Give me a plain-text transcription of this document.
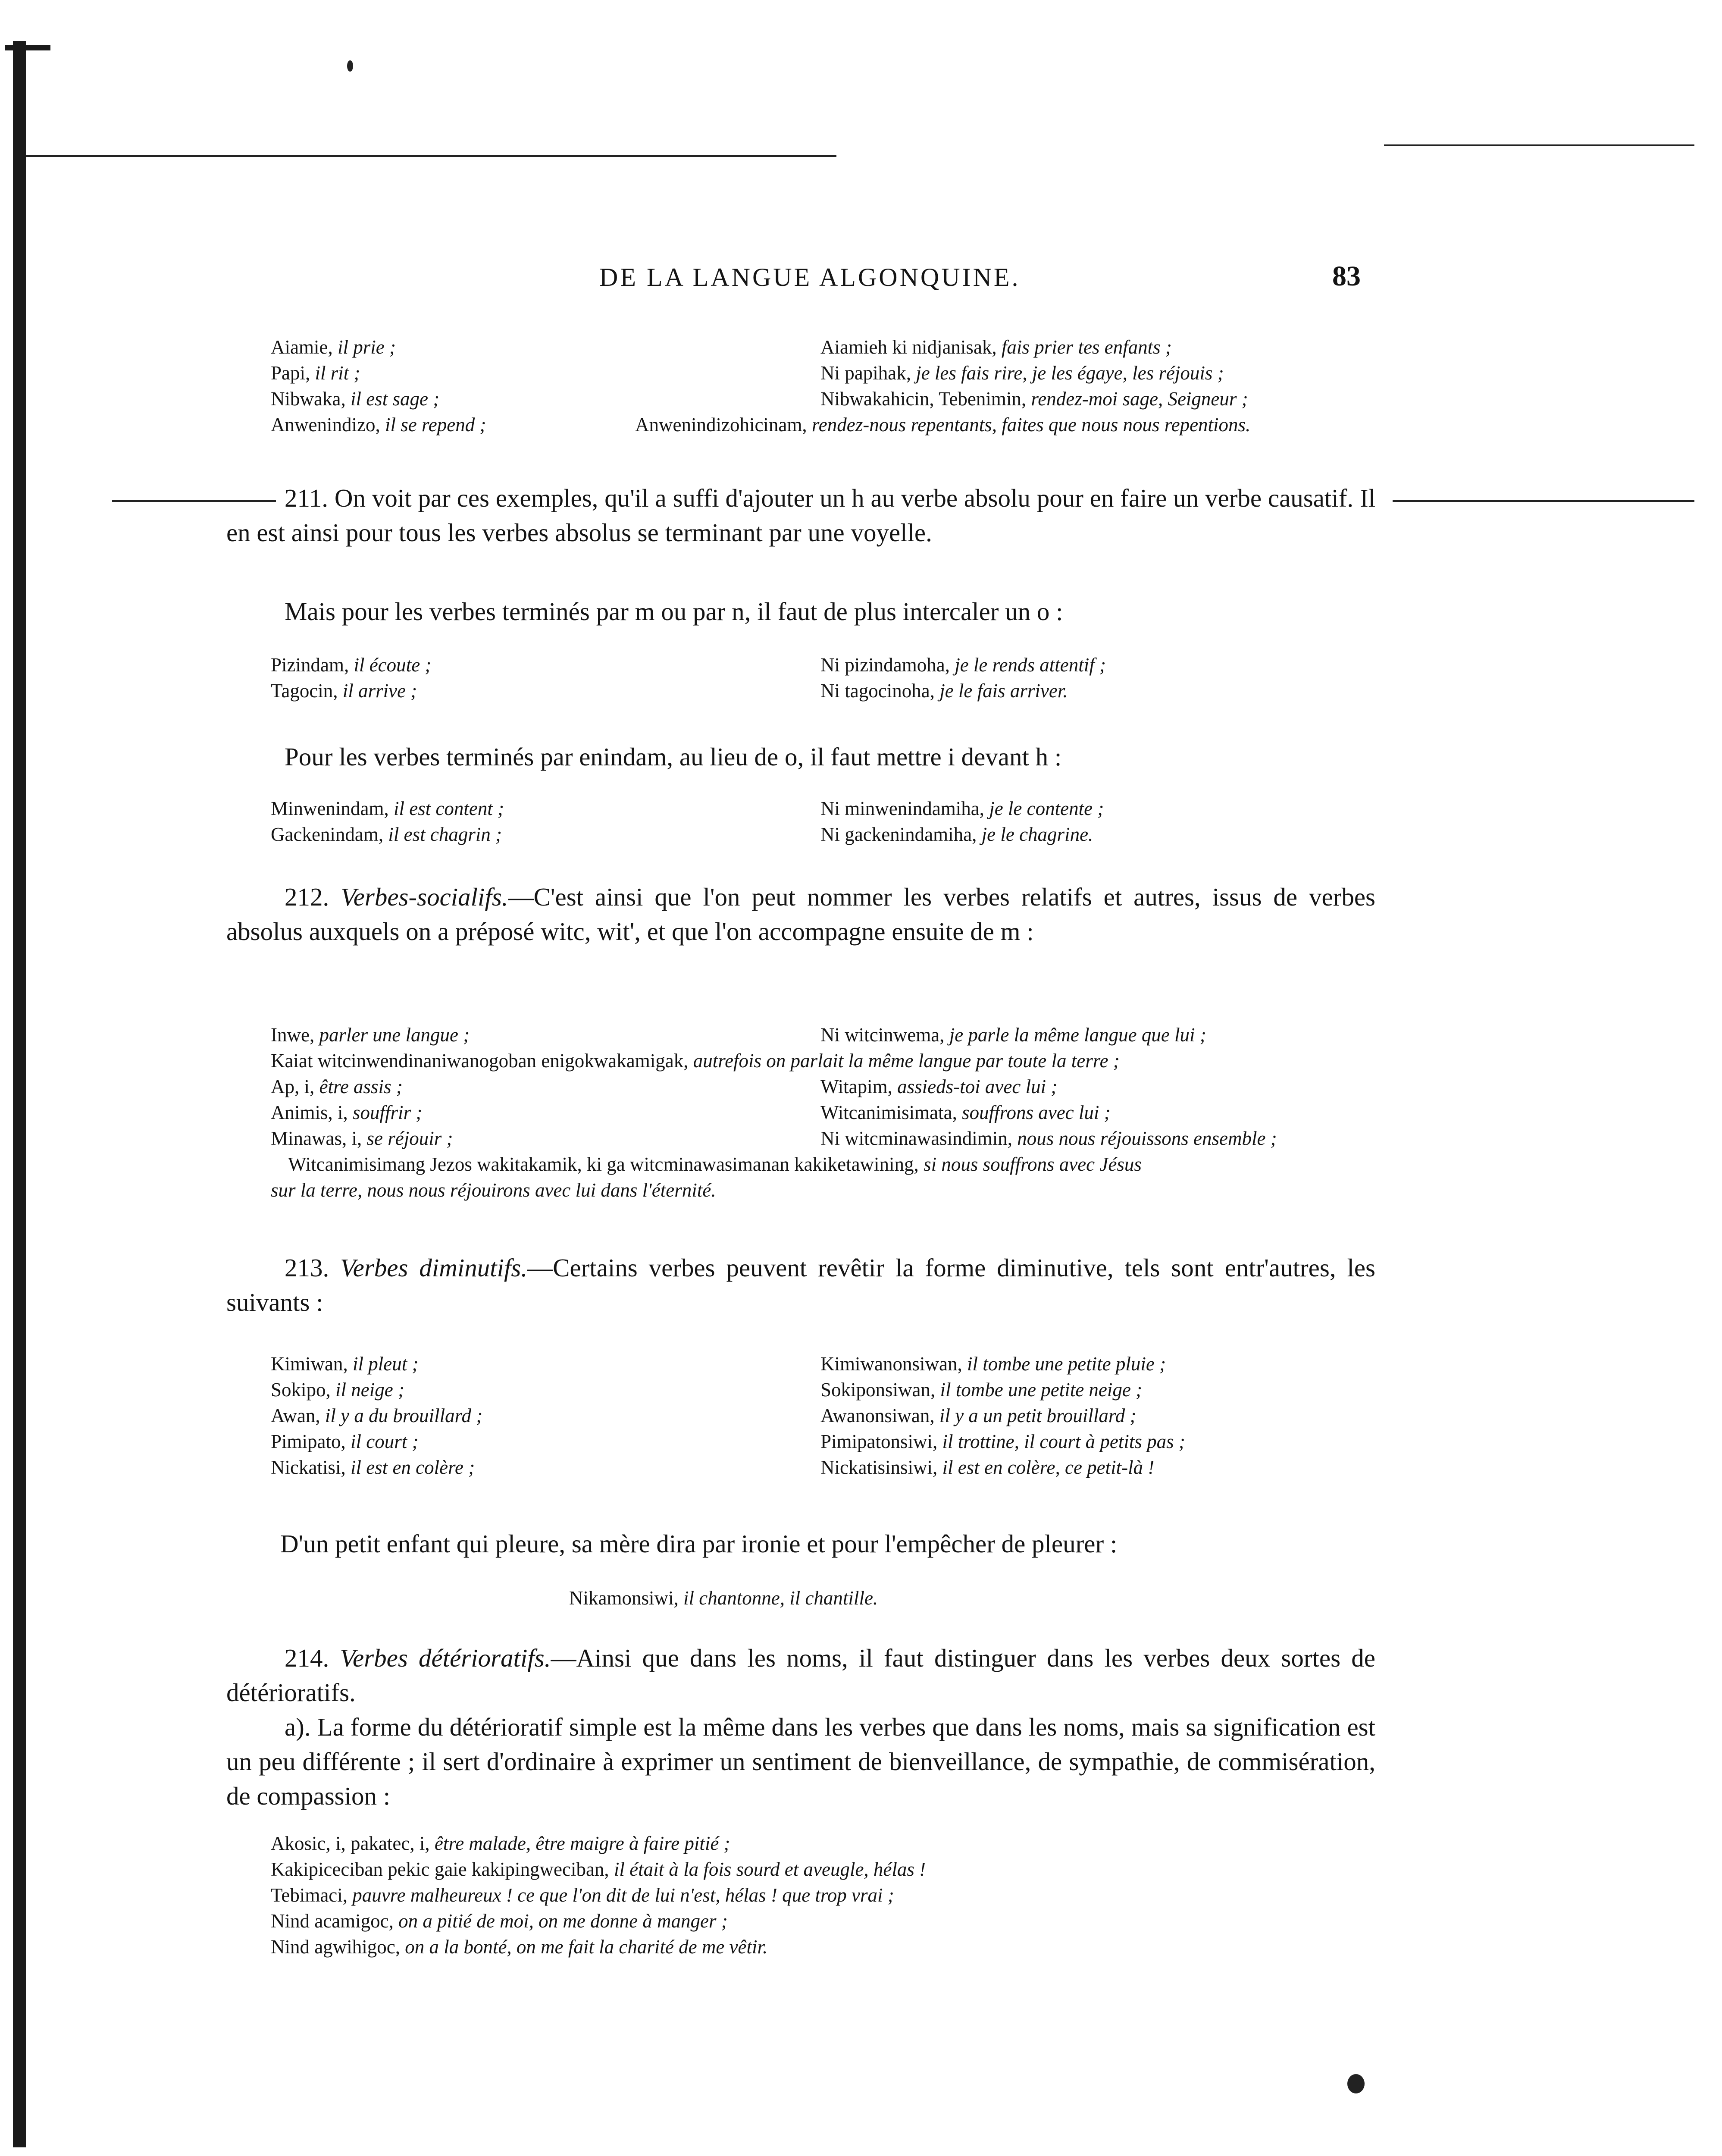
DE LA LANGUE ALGONQUINE.	83
Aiamie, il prie ;	Aiamieh ki nidjanisak, fais prier tes enfants ;
Papi, il rit ;	Ni papihak, je les fais rire, je les égaye, les réjouis ;
Nibwaka, il est sage ;	Nibwakahicin, Tebenimin, rendez-moi sage, Seigneur ;
Anwenindizo, il se repend ;	Anwenindizohicinam, rendez-nous repentants, faites que nous nous repentions.

211. On voit par ces exemples, qu'il a suffi d'ajouter un h au verbe absolu pour en faire un verbe causatif. Il en est ainsi pour tous les verbes absolus se terminant par une voyelle.

Mais pour les verbes terminés par m ou par n, il faut de plus intercaler un o :

Pizindam, il écoute ;	Ni pizindamoha, je le rends attentif ;
Tagocin, il arrive ;	Ni tagocinoha, je le fais arriver.

Pour les verbes terminés par enindam, au lieu de o, il faut mettre i devant h :

Minwenindam, il est content ;	Ni minwenindamiha, je le contente ;
Gackenindam, il est chagrin ;	Ni gackenindamiha, je le chagrine.

212. Verbes-socialifs.—C'est ainsi que l'on peut nommer les verbes relatifs et autres, issus de verbes absolus auxquels on a préposé witc, wit', et que l'on accompagne ensuite de m :

Inwe, parler une langue ;	Ni witcinwema, je parle la même langue que lui ;
Kaiat witcinwendinaniwanogoban enigokwakamigak, autrefois on parlait la même langue par toute la terre ;
Ap, i, être assis ;	Witapim, assieds-toi avec lui ;
Animis, i, souffrir ;	Witcanimisimata, souffrons avec lui ;
Minawas, i, se réjouir ;	Ni witcminawasindimin, nous nous réjouissons ensemble ;
Witcanimisimang Jezos wakitakamik, ki ga witcminawasimanan kakiketawining, si nous souffrons avec Jésus
sur la terre, nous nous réjouirons avec lui dans l'éternité.

213. Verbes diminutifs.—Certains verbes peuvent revêtir la forme diminutive, tels sont entr'autres, les suivants :

Kimiwan, il pleut ;	Kimiwanonsiwan, il tombe une petite pluie ;
Sokipo, il neige ;	Sokiponsiwan, il tombe une petite neige ;
Awan, il y a du brouillard ;	Awanonsiwan, il y a un petit brouillard ;
Pimipato, il court ;	Pimipatonsiwi, il trottine, il court à petits pas ;
Nickatisi, il est en colère ;	Nickatisinsiwi, il est en colère, ce petit-là !

D'un petit enfant qui pleure, sa mère dira par ironie et pour l'empêcher de pleurer :

Nikamonsiwi, il chantonne, il chantille.

214. Verbes détérioratifs.—Ainsi que dans les noms, il faut distinguer dans les verbes deux sortes de détérioratifs.

a). La forme du détérioratif simple est la même dans les verbes que dans les noms, mais sa signification est un peu différente ; il sert d'ordinaire à exprimer un sentiment de bienveillance, de sympathie, de commisération, de compassion :

Akosic, i, pakatec, i, être malade, être maigre à faire pitié ;
Kakipiceciban pekic gaie kakipingweciban, il était à la fois sourd et aveugle, hélas !
Tebimaci, pauvre malheureux ! ce que l'on dit de lui n'est, hélas ! que trop vrai ;
Nind acamigoc, on a pitié de moi, on me donne à manger ;
Nind agwihigoc, on a la bonté, on me fait la charité de me vêtir.
